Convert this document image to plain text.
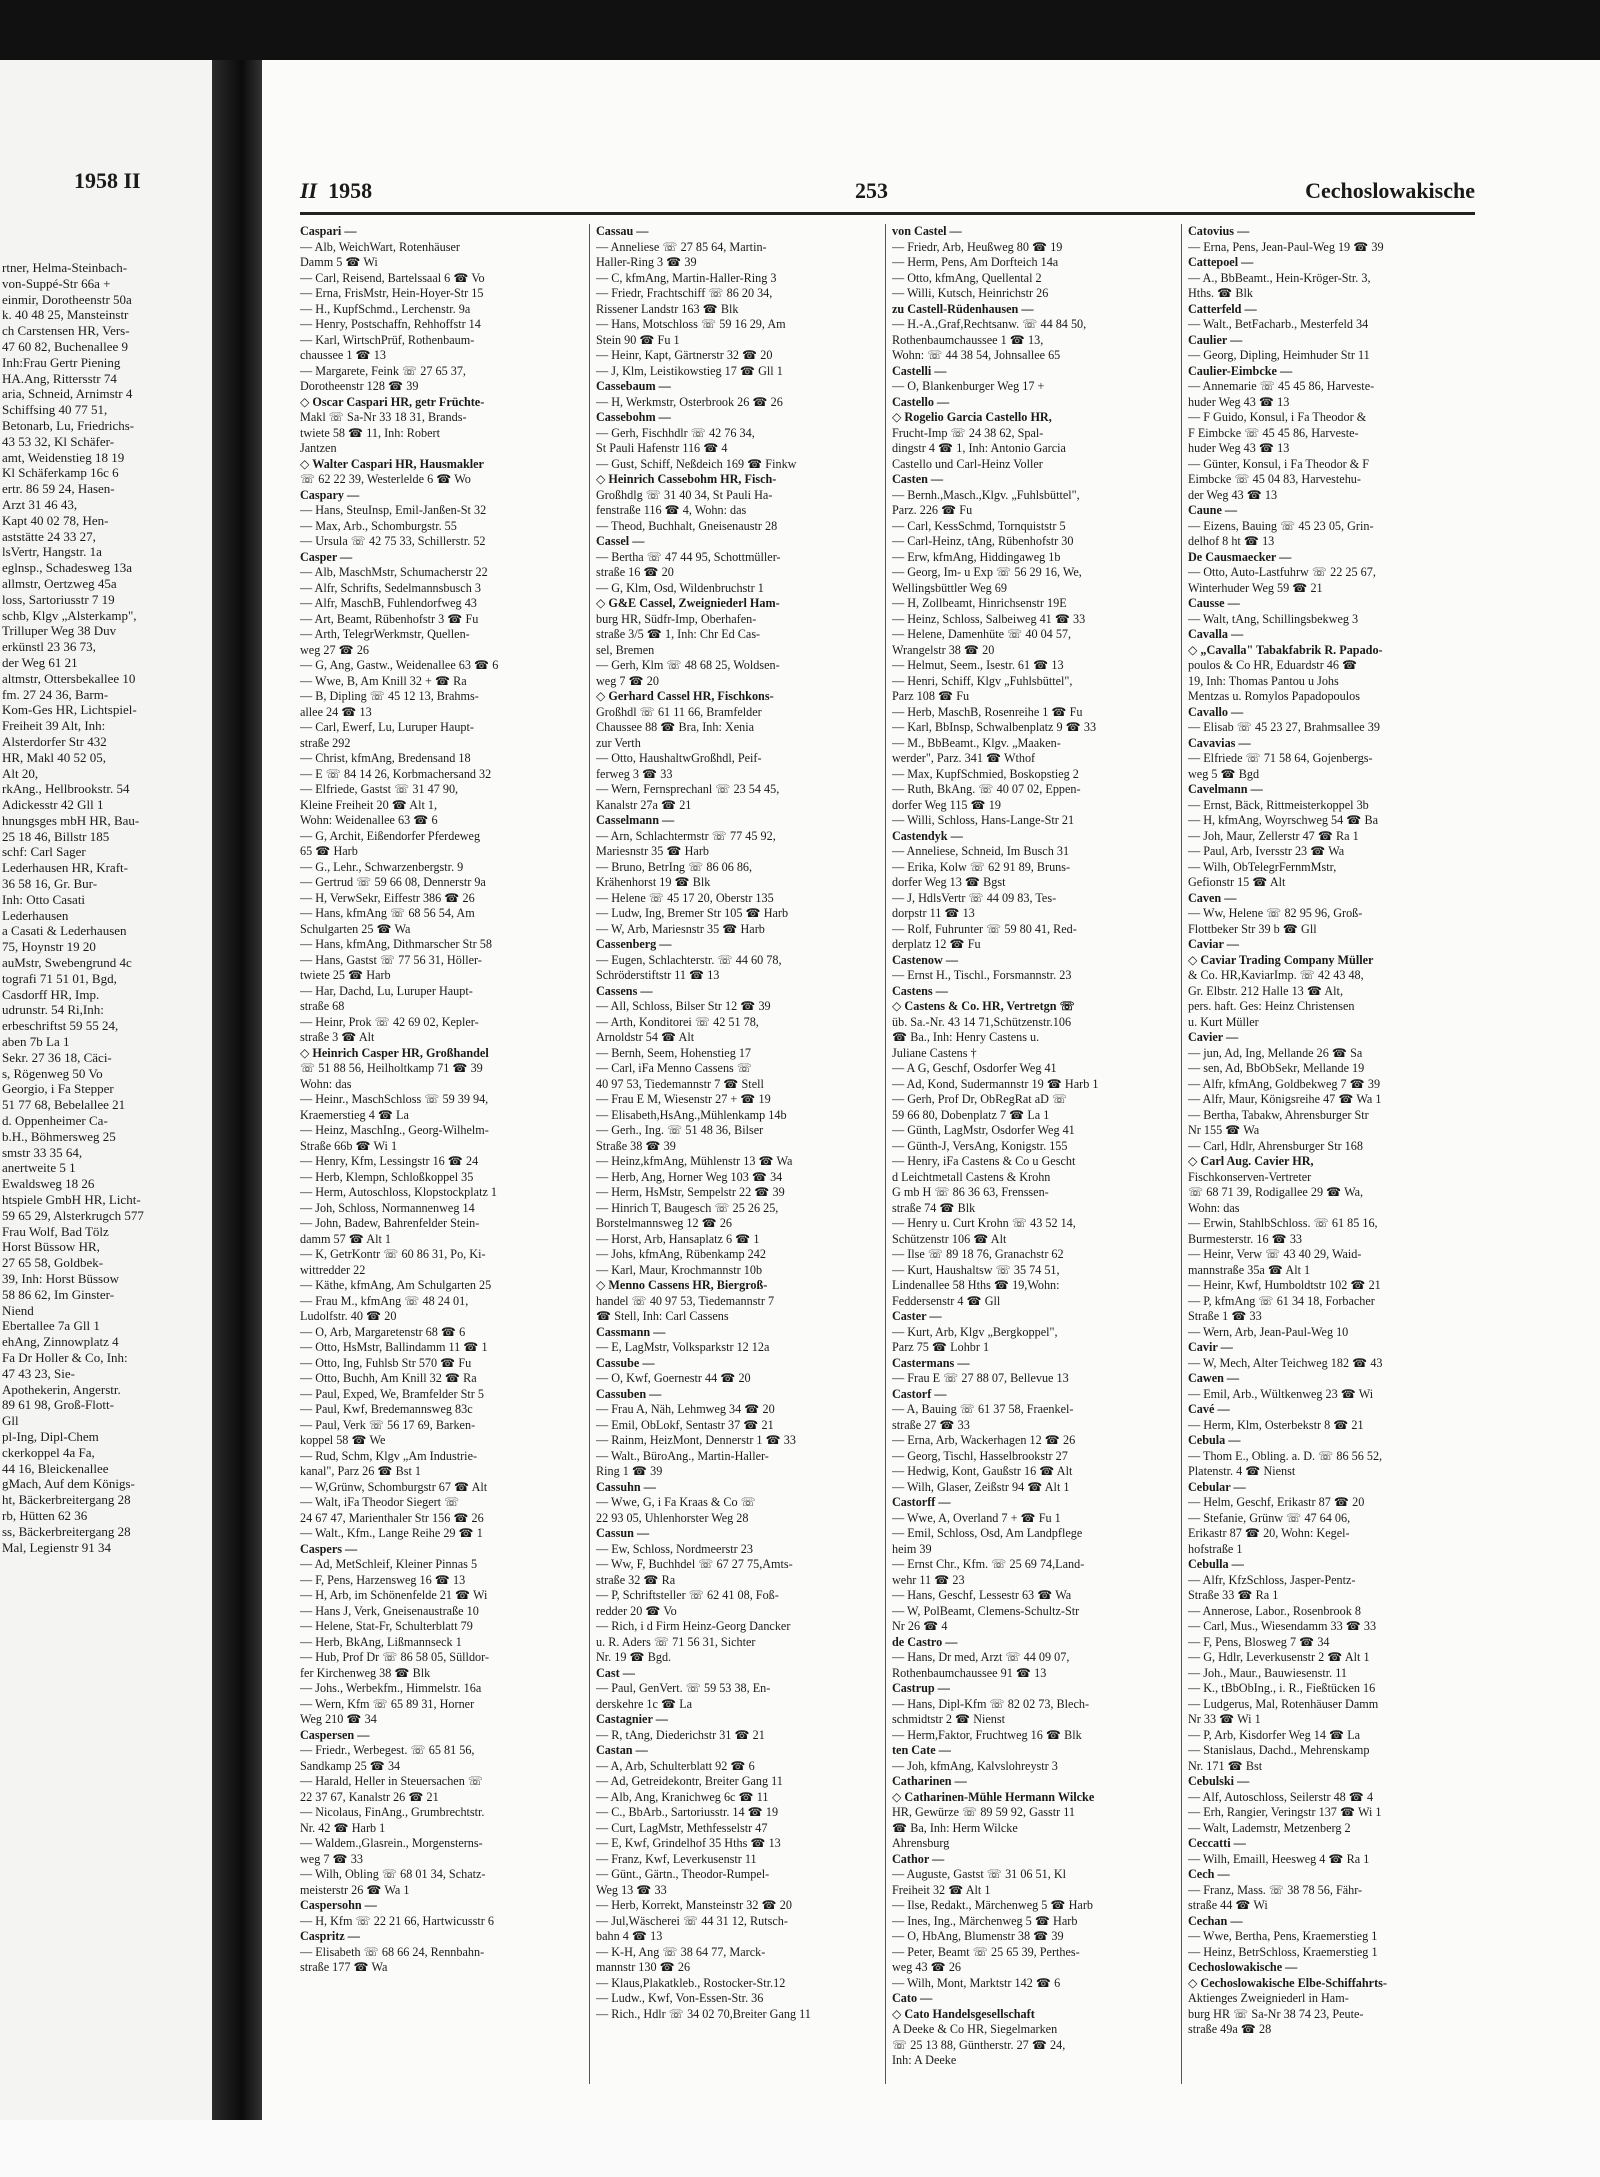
1958 II
rtner, Helma-Steinbach-
von-Suppé-Str 66a +
einmir, Dorotheenstr 50a
k. 40 48 25, Mansteinstr
ch Carstensen HR, Vers-
47 60 82, Buchenallee 9
Inh:Frau Gertr Piening
HA.Ang, Rittersstr 74
aria, Schneid, Arnimstr 4
Schiffsing 40 77 51,
Betonarb, Lu, Friedrichs-
43 53 32, Kl Schäfer-
amt, Weidenstieg 18 19
Kl Schäferkamp 16c 6
ertr. 86 59 24, Hasen-
Arzt 31 46 43,
Kapt 40 02 78, Hen-
aststätte 24 33 27,
lsVertr, Hangstr. 1a
eglnsp., Schadesweg 13a
allmstr, Oertzweg 45a
loss, Sartoriusstr 7 19
schb, Klgv „Alsterkamp",
Trilluper Weg 38 Duv
erkünstl 23 36 73,
der Weg 61 21
altmstr, Ottersbekallee 10
fm. 27 24 36, Barm-
Kom-Ges HR, Lichtspiel-
Freiheit 39 Alt, Inh:
Alsterdorfer Str 432
HR, Makl 40 52 05,
Alt 20,
rkAng., Hellbrookstr. 54
Adickesstr 42 Gll 1
hnungsges mbH HR, Bau-
25 18 46, Billstr 185
schf: Carl Sager
Lederhausen HR, Kraft-
36 58 16, Gr. Bur-
Inh: Otto Casati
Lederhausen
a Casati & Lederhausen
75, Hoynstr 19 20
auMstr, Swebengrund 4c
tografi 71 51 01, Bgd,
Casdorff HR, Imp.
udrunstr. 54 Ri,Inh:
erbeschriftst 59 55 24,
aben 7b La 1
Sekr. 27 36 18, Cäci-
s, Rögenweg 50 Vo
Georgio, i Fa Stepper
51 77 68, Bebelallee 21
d. Oppenheimer Ca-
b.H., Böhmersweg 25
smstr 33 35 64,
anertweite 5 1
Ewaldsweg 18 26
htspiele GmbH HR, Licht-
59 65 29, Alsterkrugch 577
Frau Wolf, Bad Tölz
Horst Büssow HR,
27 65 58, Goldbek-
39, Inh: Horst Büssow
58 86 62, Im Ginster-
Niend
Ebertallee 7a Gll 1
ehAng, Zinnowplatz 4
Fa Dr Holler & Co, Inh:
47 43 23, Sie-
Apothekerin, Angerstr.
89 61 98, Groß-Flott-
Gll
pl-Ing, Dipl-Chem
ckerkoppel 4a Fa,
44 16, Bleickenallee
gMach, Auf dem Königs-
ht, Bäckerbreitergang 28
rb, Hütten 62 36
ss, Bäckerbreitergang 28
Mal, Legienstr 91 34
II 1958	253	Cechoslowakische
Caspari —
— Alb, WeichWart, Rotenhäuser
Damm 5 ☎ Wi
— Carl, Reisend, Bartelssaal 6 ☎ Vo
— Erna, FrisMstr, Hein-Hoyer-Str 15
— H., KupfSchmd., Lerchenstr. 9a
— Henry, Postschaffn, Rehhoffstr 14
— Karl, WirtschPrüf, Rothenbaum-
chaussee 1 ☎ 13
— Margarete, Feink ☏ 27 65 37,
Dorotheenstr 128 ☎ 39
◇ Oscar Caspari HR, getr Früchte-
Makl ☏ Sa-Nr 33 18 31, Brands-
twiete 58 ☎ 11, Inh: Robert
Jantzen
◇ Walter Caspari HR, Hausmakler
☏ 62 22 39, Westerlelde 6 ☎ Wo
Caspary —
— Hans, SteuInsp, Emil-Janßen-St 32
— Max, Arb., Schomburgstr. 55
— Ursula ☏ 42 75 33, Schillerstr. 52
Casper —
— Alb, MaschMstr, Schumacherstr 22
— Alfr, Schrifts, Sedelmannsbusch 3
— Alfr, MaschB, Fuhlendorfweg 43
— Art, Beamt, Rübenhofstr 3 ☎ Fu
— Arth, TelegrWerkmstr, Quellen-
weg 27 ☎ 26
— G, Ang, Gastw., Weidenallee 63 ☎ 6
— Wwe, B, Am Knill 32 + ☎ Ra
— B, Dipling ☏ 45 12 13, Brahms-
allee 24 ☎ 13
— Carl, Ewerf, Lu, Luruper Haupt-
straße 292
— Christ, kfmAng, Bredensand 18
— E ☏ 84 14 26, Korbmachersand 32
— Elfriede, Gastst ☏ 31 47 90,
Kleine Freiheit 20 ☎ Alt 1,
Wohn: Weidenallee 63 ☎ 6
— G, Archit, Eißendorfer Pferdeweg
65 ☎ Harb
— G., Lehr., Schwarzenbergstr. 9
— Gertrud ☏ 59 66 08, Dennerstr 9a
— H, VerwSekr, Eiffestr 386 ☎ 26
— Hans, kfmAng ☏ 68 56 54, Am
Schulgarten 25 ☎ Wa
— Hans, kfmAng, Dithmarscher Str 58
— Hans, Gastst ☏ 77 56 31, Höller-
twiete 25 ☎ Harb
— Har, Dachd, Lu, Luruper Haupt-
straße 68
— Heinr, Prok ☏ 42 69 02, Kepler-
straße 3 ☎ Alt
◇ Heinrich Casper HR, Großhandel
☏ 51 88 56, Heilholtkamp 71 ☎ 39
Wohn: das
— Heinr., MaschSchloss ☏ 59 39 94,
Kraemerstieg 4 ☎ La
— Heinz, MaschIng., Georg-Wilhelm-
Straße 66b ☎ Wi 1
— Henry, Kfm, Lessingstr 16 ☎ 24
— Herb, Klempn, Schloßkoppel 35
— Herm, Autoschloss, Klopstockplatz 1
— Joh, Schloss, Normannenweg 14
— John, Badew, Bahrenfelder Stein-
damm 57 ☎ Alt 1
— K, GetrKontr ☏ 60 86 31, Po, Ki-
wittredder 22
— Käthe, kfmAng, Am Schulgarten 25
— Frau M., kfmAng ☏ 48 24 01,
Ludolfstr. 40 ☎ 20
— O, Arb, Margaretenstr 68 ☎ 6
— Otto, HsMstr, Ballindamm 11 ☎ 1
— Otto, Ing, Fuhlsb Str 570 ☎ Fu
— Otto, Buchh, Am Knill 32 ☎ Ra
— Paul, Exped, We, Bramfelder Str 5
— Paul, Kwf, Bredemannsweg 83c
— Paul, Verk ☏ 56 17 69, Barken-
koppel 58 ☎ We
— Rud, Schm, Klgv „Am Industrie-
kanal", Parz 26 ☎ Bst 1
— W,Grünw, Schomburgstr 67 ☎ Alt
— Walt, iFa Theodor Siegert ☏
24 67 47, Marienthaler Str 156 ☎ 26
— Walt., Kfm., Lange Reihe 29 ☎ 1
Caspers —
— Ad, MetSchleif, Kleiner Pinnas 5
— F, Pens, Harzensweg 16 ☎ 13
— H, Arb, im Schönenfelde 21 ☎ Wi
— Hans J, Verk, Gneisenaustraße 10
— Helene, Stat-Fr, Schulterblatt 79
— Herb, BkAng, Lißmannseck 1
— Hub, Prof Dr ☏ 86 58 05, Sülldor-
fer Kirchenweg 38 ☎ Blk
— Johs., Werbekfm., Himmelstr. 16a
— Wern, Kfm ☏ 65 89 31, Horner
Weg 210 ☎ 34
Caspersen —
— Friedr., Werbegest. ☏ 65 81 56,
Sandkamp 25 ☎ 34
— Harald, Heller in Steuersachen ☏
22 37 67, Kanalstr 26 ☎ 21
— Nicolaus, FinAng., Grumbrechtstr.
Nr. 42 ☎ Harb 1
— Waldem.,Glasrein., Morgensterns-
weg 7 ☎ 33
— Wilh, Obling ☏ 68 01 34, Schatz-
meisterstr 26 ☎ Wa 1
Caspersohn —
— H, Kfm ☏ 22 21 66, Hartwicusstr 6
Caspritz —
— Elisabeth ☏ 68 66 24, Rennbahn-
straße 177 ☎ Wa
Cassau —
— Anneliese ☏ 27 85 64, Martin-
Haller-Ring 3 ☎ 39
— C, kfmAng, Martin-Haller-Ring 3
— Friedr, Frachtschiff ☏ 86 20 34,
Rissener Landstr 163 ☎ Blk
— Hans, Motschloss ☏ 59 16 29, Am
Stein 90 ☎ Fu 1
— Heinr, Kapt, Gärtnerstr 32 ☎ 20
— J, Klm, Leistikowstieg 17 ☎ Gll 1
Cassebaum —
— H, Werkmstr, Osterbrook 26 ☎ 26
Cassebohm —
— Gerh, Fischhdlr ☏ 42 76 34,
St Pauli Hafenstr 116 ☎ 4
— Gust, Schiff, Neßdeich 169 ☎ Finkw
◇ Heinrich Cassebohm HR, Fisch-
Großhdlg ☏ 31 40 34, St Pauli Ha-
fenstraße 116 ☎ 4, Wohn: das
— Theod, Buchhalt, Gneisenaustr 28
Cassel —
— Bertha ☏ 47 44 95, Schottmüller-
straße 16 ☎ 20
— G, Klm, Osd, Wildenbruchstr 1
◇ G&E Cassel, Zweigniederl Ham-
burg HR, Südfr-Imp, Oberhafen-
straße 3/5 ☎ 1, Inh: Chr Ed Cas-
sel, Bremen
— Gerh, Klm ☏ 48 68 25, Woldsen-
weg 7 ☎ 20
◇ Gerhard Cassel HR, Fischkons-
Großhdl ☏ 61 11 66, Bramfelder
Chaussee 88 ☎ Bra, Inh: Xenia
zur Verth
— Otto, HaushaltwGroßhdl, Peif-
ferweg 3 ☎ 33
— Wern, Fernsprechanl ☏ 23 54 45,
Kanalstr 27a ☎ 21
Casselmann —
— Arn, Schlachtermstr ☏ 77 45 92,
Mariesnstr 35 ☎ Harb
— Bruno, BetrIng ☏ 86 06 86,
Krähenhorst 19 ☎ Blk
— Helene ☏ 45 17 20, Oberstr 135
— Ludw, Ing, Bremer Str 105 ☎ Harb
— W, Arb, Mariesnstr 35 ☎ Harb
Cassenberg —
— Eugen, Schlachterstr. ☏ 44 60 78,
Schröderstiftstr 11 ☎ 13
Cassens —
— All, Schloss, Bilser Str 12 ☎ 39
— Arth, Konditorei ☏ 42 51 78,
Arnoldstr 54 ☎ Alt
— Bernh, Seem, Hohenstieg 17
— Carl, iFa Menno Cassens ☏
40 97 53, Tiedemannstr 7 ☎ Stell
— Frau E M, Wiesenstr 27 + ☎ 19
— Elisabeth,HsAng.,Mühlenkamp 14b
— Gerh., Ing. ☏ 51 48 36, Bilser
Straße 38 ☎ 39
— Heinz,kfmAng, Mühlenstr 13 ☎ Wa
— Herb, Ang, Horner Weg 103 ☎ 34
— Herm, HsMstr, Sempelstr 22 ☎ 39
— Hinrich T, Baugesch ☏ 25 26 25,
Borstelmannsweg 12 ☎ 26
— Horst, Arb, Hansaplatz 6 ☎ 1
— Johs, kfmAng, Rübenkamp 242
— Karl, Maur, Krochmannstr 10b
◇ Menno Cassens HR, Biergroß-
handel ☏ 40 97 53, Tiedemannstr 7
☎ Stell, Inh: Carl Cassens
Cassmann —
— E, LagMstr, Volksparkstr 12 12a
Cassube —
— O, Kwf, Goernestr 44 ☎ 20
Cassuben —
— Frau A, Näh, Lehmweg 34 ☎ 20
— Emil, ObLokf, Sentastr 37 ☎ 21
— Rainm, HeizMont, Dennerstr 1 ☎ 33
— Walt., BüroAng., Martin-Haller-
Ring 1 ☎ 39
Cassuhn —
— Wwe, G, i Fa Kraas & Co ☏
22 93 05, Uhlenhorster Weg 28
Cassun —
— Ew, Schloss, Nordmeerstr 23
— Ww, F, Buchhdel ☏ 67 27 75,Amts-
straße 32 ☎ Ra
— P, Schriftsteller ☏ 62 41 08, Foß-
redder 20 ☎ Vo
— Rich, i d Firm Heinz-Georg Dancker
u. R. Aders ☏ 71 56 31, Sichter
Nr. 19 ☎ Bgd.
Cast —
— Paul, GenVert. ☏ 59 53 38, En-
derskehre 1c ☎ La
Castagnier —
— R, tAng, Diederichstr 31 ☎ 21
Castan —
— A, Arb, Schulterblatt 92 ☎ 6
— Ad, Getreidekontr, Breiter Gang 11
— Alb, Ang, Kranichweg 6c ☎ 11
— C., BbArb., Sartoriusstr. 14 ☎ 19
— Curt, LagMstr, Methfesselstr 47
— E, Kwf, Grindelhof 35 Hths ☎ 13
— Franz, Kwf, Leverkusenstr 11
— Günt., Gärtn., Theodor-Rumpel-
Weg 13 ☎ 33
— Herb, Korrekt, Mansteinstr 32 ☎ 20
— Jul,Wäscherei ☏ 44 31 12, Rutsch-
bahn 4 ☎ 13
— K-H, Ang ☏ 38 64 77, Marck-
mannstr 130 ☎ 26
— Klaus,Plakatkleb., Rostocker-Str.12
— Ludw., Kwf, Von-Essen-Str. 36
— Rich., Hdlr ☏ 34 02 70,Breiter Gang 11
von Castel —
— Friedr, Arb, Heußweg 80 ☎ 19
— Herm, Pens, Am Dorfteich 14a
— Otto, kfmAng, Quellental 2
— Willi, Kutsch, Heinrichstr 26
zu Castell-Rüdenhausen —
— H.-A.,Graf,Rechtsanw. ☏ 44 84 50,
Rothenbaumchaussee 1 ☎ 13,
Wohn: ☏ 44 38 54, Johnsallee 65
Castelli —
— O, Blankenburger Weg 17 +
Castello —
◇ Rogelio Garcia Castello HR,
Frucht-Imp ☏ 24 38 62, Spal-
dingstr 4 ☎ 1, Inh: Antonio Garcia
Castello und Carl-Heinz Voller
Casten —
— Bernh.,Masch.,Klgv. „Fuhlsbüttel",
Parz. 226 ☎ Fu
— Carl, KessSchmd, Tornquiststr 5
— Carl-Heinz, tAng, Rübenhofstr 30
— Erw, kfmAng, Hiddingaweg 1b
— Georg, Im- u Exp ☏ 56 29 16, We,
Wellingsbüttler Weg 69
— H, Zollbeamt, Hinrichsenstr 19E
— Heinz, Schloss, Salbeiweg 41 ☎ 33
— Helene, Damenhüte ☏ 40 04 57,
Wrangelstr 38 ☎ 20
— Helmut, Seem., Isestr. 61 ☎ 13
— Henri, Schiff, Klgv „Fuhlsbüttel",
Parz 108 ☎ Fu
— Herb, MaschB, Rosenreihe 1 ☎ Fu
— Karl, BbInsp, Schwalbenplatz 9 ☎ 33
— M., BbBeamt., Klgv. „Maaken-
werder", Parz. 341 ☎ Wthof
— Max, KupfSchmied, Boskopstieg 2
— Ruth, BkAng. ☏ 40 07 02, Eppen-
dorfer Weg 115 ☎ 19
— Willi, Schloss, Hans-Lange-Str 21
Castendyk —
— Anneliese, Schneid, Im Busch 31
— Erika, Kolw ☏ 62 91 89, Bruns-
dorfer Weg 13 ☎ Bgst
— J, HdlsVertr ☏ 44 09 83, Tes-
dorpstr 11 ☎ 13
— Rolf, Fuhrunter ☏ 59 80 41, Red-
derplatz 12 ☎ Fu
Castenow —
— Ernst H., Tischl., Forsmannstr. 23
Castens —
◇ Castens & Co. HR, Vertretgn ☏
üb. Sa.-Nr. 43 14 71,Schützenstr.106
☎ Ba., Inh: Henry Castens u.
Juliane Castens †
— A G, Geschf, Osdorfer Weg 41
— Ad, Kond, Sudermannstr 19 ☎ Harb 1
— Gerh, Prof Dr, ObRegRat aD ☏
59 66 80, Dobenplatz 7 ☎ La 1
— Günth, LagMstr, Osdorfer Weg 41
— Günth-J, VersAng, Konigstr. 155
— Henry, iFa Castens & Co u Gescht
d Leichtmetall Castens & Krohn
G mb H ☏ 86 36 63, Frenssen-
straße 74 ☎ Blk
— Henry u. Curt Krohn ☏ 43 52 14,
Schützenstr 106 ☎ Alt
— Ilse ☏ 89 18 76, Granachstr 62
— Kurt, Haushaltsw ☏ 35 74 51,
Lindenallee 58 Hths ☎ 19,Wohn:
Feddersenstr 4 ☎ Gll
Caster —
— Kurt, Arb, Klgv „Bergkoppel",
Parz 75 ☎ Lohbr 1
Castermans —
— Frau E ☏ 27 88 07, Bellevue 13
Castorf —
— A, Bauing ☏ 61 37 58, Fraenkel-
straße 27 ☎ 33
— Erna, Arb, Wackerhagen 12 ☎ 26
— Georg, Tischl, Hasselbrookstr 27
— Hedwig, Kont, Gaußstr 16 ☎ Alt
— Wilh, Glaser, Zeißstr 94 ☎ Alt 1
Castorff —
— Wwe, A, Overland 7 + ☎ Fu 1
— Emil, Schloss, Osd, Am Landpflege
heim 39
— Ernst Chr., Kfm. ☏ 25 69 74,Land-
wehr 11 ☎ 23
— Hans, Geschf, Lessestr 63 ☎ Wa
— W, PolBeamt, Clemens-Schultz-Str
Nr 26 ☎ 4
de Castro —
— Hans, Dr med, Arzt ☏ 44 09 07,
Rothenbaumchaussee 91 ☎ 13
Castrup —
— Hans, Dipl-Kfm ☏ 82 02 73, Blech-
schmidtstr 2 ☎ Nienst
— Herm,Faktor, Fruchtweg 16 ☎ Blk
ten Cate —
— Joh, kfmAng, Kalvslohreystr 3
Catharinen —
◇ Catharinen-Mühle Hermann Wilcke
HR, Gewürze ☏ 89 59 92, Gasstr 11
☎ Ba, Inh: Herm Wilcke
Ahrensburg
Cathor —
— Auguste, Gastst ☏ 31 06 51, Kl
Freiheit 32 ☎ Alt 1
— Ilse, Redakt., Märchenweg 5 ☎ Harb
— Ines, Ing., Märchenweg 5 ☎ Harb
— O, HbAng, Blumenstr 38 ☎ 39
— Peter, Beamt ☏ 25 65 39, Perthes-
weg 43 ☎ 26
— Wilh, Mont, Marktstr 142 ☎ 6
Cato —
◇ Cato Handelsgesellschaft
A Deeke & Co HR, Siegelmarken
☏ 25 13 88, Güntherstr. 27 ☎ 24,
Inh: A Deeke
Catovius —
— Erna, Pens, Jean-Paul-Weg 19 ☎ 39
Cattepoel —
— A., BbBeamt., Hein-Kröger-Str. 3,
Hths. ☎ Blk
Catterfeld —
— Walt., BetFacharb., Mesterfeld 34
Caulier —
— Georg, Dipling, Heimhuder Str 11
Caulier-Eimbcke —
— Annemarie ☏ 45 45 86, Harveste-
huder Weg 43 ☎ 13
— F Guido, Konsul, i Fa Theodor &
F Eimbcke ☏ 45 45 86, Harveste-
huder Weg 43 ☎ 13
— Günter, Konsul, i Fa Theodor & F
Eimbcke ☏ 45 04 83, Harvestehu-
der Weg 43 ☎ 13
Caune —
— Eizens, Bauing ☏ 45 23 05, Grin-
delhof 8 ht ☎ 13
De Causmaecker —
— Otto, Auto-Lastfuhrw ☏ 22 25 67,
Winterhuder Weg 59 ☎ 21
Causse —
— Walt, tAng, Schillingsbekweg 3
Cavalla —
◇ „Cavalla" Tabakfabrik R. Papado-
poulos & Co HR, Eduardstr 46 ☎
19, Inh: Thomas Pantou u Johs
Mentzas u. Romylos Papadopoulos
Cavallo —
— Elisab ☏ 45 23 27, Brahmsallee 39
Cavavias —
— Elfriede ☏ 71 58 64, Gojenbergs-
weg 5 ☎ Bgd
Cavelmann —
— Ernst, Bäck, Rittmeisterkoppel 3b
— H, kfmAng, Woyrschweg 54 ☎ Ba
— Joh, Maur, Zellerstr 47 ☎ Ra 1
— Paul, Arb, Iversstr 23 ☎ Wa
— Wilh, ObTelegrFernmMstr,
Gefionstr 15 ☎ Alt
Caven —
— Ww, Helene ☏ 82 95 96, Groß-
Flottbeker Str 39 b ☎ Gll
Caviar —
◇ Caviar Trading Company Müller
& Co. HR,KaviarImp. ☏ 42 43 48,
Gr. Elbstr. 212 Halle 13 ☎ Alt,
pers. haft. Ges: Heinz Christensen
u. Kurt Müller
Cavier —
— jun, Ad, Ing, Mellande 26 ☎ Sa
— sen, Ad, BbObSekr, Mellande 19
— Alfr, kfmAng, Goldbekweg 7 ☎ 39
— Alfr, Maur, Königsreihe 47 ☎ Wa 1
— Bertha, Tabakw, Ahrensburger Str
Nr 155 ☎ Wa
— Carl, Hdlr, Ahrensburger Str 168
◇ Carl Aug. Cavier HR,
Fischkonserven-Vertreter
☏ 68 71 39, Rodigallee 29 ☎ Wa,
Wohn: das
— Erwin, StahlbSchloss. ☏ 61 85 16,
Burmesterstr. 16 ☎ 33
— Heinr, Verw ☏ 43 40 29, Waid-
mannstraße 35a ☎ Alt 1
— Heinr, Kwf, Humboldtstr 102 ☎ 21
— P, kfmAng ☏ 61 34 18, Forbacher
Straße 1 ☎ 33
— Wern, Arb, Jean-Paul-Weg 10
Cavir —
— W, Mech, Alter Teichweg 182 ☎ 43
Cawen —
— Emil, Arb., Wültkenweg 23 ☎ Wi
Cavé —
— Herm, Klm, Osterbekstr 8 ☎ 21
Cebula —
— Thom E., Obling. a. D. ☏ 86 56 52,
Platenstr. 4 ☎ Nienst
Cebular —
— Helm, Geschf, Erikastr 87 ☎ 20
— Stefanie, Grünw ☏ 47 64 06,
Erikastr 87 ☎ 20, Wohn: Kegel-
hofstraße 1
Cebulla —
— Alfr, KfzSchloss, Jasper-Pentz-
Straße 33 ☎ Ra 1
— Annerose, Labor., Rosenbrook 8
— Carl, Mus., Wiesendamm 33 ☎ 33
— F, Pens, Blosweg 7 ☎ 34
— G, Hdlr, Leverkusenstr 2 ☎ Alt 1
— Joh., Maur., Bauwiesenstr. 11
— K., tBbObIng., i. R., Fießtücken 16
— Ludgerus, Mal, Rotenhäuser Damm
Nr 33 ☎ Wi 1
— P, Arb, Kisdorfer Weg 14 ☎ La
— Stanislaus, Dachd., Mehrenskamp
Nr. 171 ☎ Bst
Cebulski —
— Alf, Autoschloss, Seilerstr 48 ☎ 4
— Erh, Rangier, Veringstr 137 ☎ Wi 1
— Walt, Lademstr, Metzenberg 2
Ceccatti —
— Wilh, Emaill, Heesweg 4 ☎ Ra 1
Cech —
— Franz, Mass. ☏ 38 78 56, Fähr-
straße 44 ☎ Wi
Cechan —
— Wwe, Bertha, Pens, Kraemerstieg 1
— Heinz, BetrSchloss, Kraemerstieg 1
Cechoslowakische —
◇ Cechoslowakische Elbe-Schiffahrts-
Aktienges Zweigniederl in Ham-
burg HR ☏ Sa-Nr 38 74 23, Peute-
straße 49a ☎ 28
